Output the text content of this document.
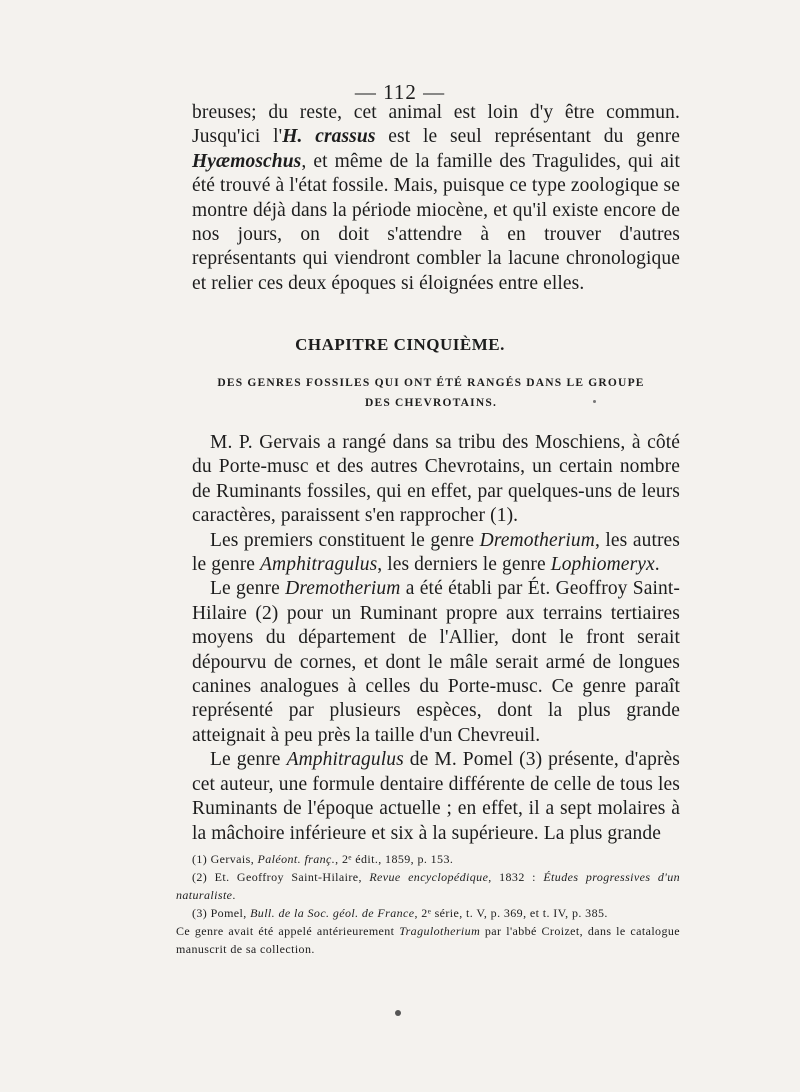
— 112 —

breuses; du reste, cet animal est loin d'y être commun. Jusqu'ici l'H. crassus est le seul représentant du genre Hyæmoschus, et même de la famille des Tragulides, qui ait été trouvé à l'état fossile. Mais, puisque ce type zoologique se montre déjà dans la période miocène, et qu'il existe encore de nos jours, on doit s'attendre à en trouver d'autres représentants qui viendront combler la lacune chronologique et relier ces deux époques si éloignées entre elles.

CHAPITRE CINQUIÈME.
DES GENRES FOSSILES QUI ONT ÉTÉ RANGÉS DANS LE GROUPE DES CHEVROTAINS.

M. P. Gervais a rangé dans sa tribu des Moschiens, à côté du Porte-musc et des autres Chevrotains, un certain nombre de Ruminants fossiles, qui en effet, par quelques-uns de leurs caractères, paraissent s'en rapprocher (1).

Les premiers constituent le genre Dremotherium, les autres le genre Amphitragulus, les derniers le genre Lophiomeryx.

Le genre Dremotherium a été établi par Ét. Geoffroy Saint-Hilaire (2) pour un Ruminant propre aux terrains tertiaires moyens du département de l'Allier, dont le front serait dépourvu de cornes, et dont le mâle serait armé de longues canines analogues à celles du Porte-musc. Ce genre paraît représenté par plusieurs espèces, dont la plus grande atteignait à peu près la taille d'un Chevreuil.

Le genre Amphitragulus de M. Pomel (3) présente, d'après cet auteur, une formule dentaire différente de celle de tous les Ruminants de l'époque actuelle ; en effet, il a sept molaires à la mâchoire inférieure et six à la supérieure. La plus grande

(1) Gervais, Paléont. franç., 2ᵉ édit., 1859, p. 153.

(2) Et. Geoffroy Saint-Hilaire, Revue encyclopédique, 1832 : Études progressives d'un naturaliste.

(3) Pomel, Bull. de la Soc. géol. de France, 2ᵉ série, t. V, p. 369, et t. IV, p. 385.

Ce genre avait été appelé antérieurement Tragulotherium par l'abbé Croizet, dans le catalogue manuscrit de sa collection.
